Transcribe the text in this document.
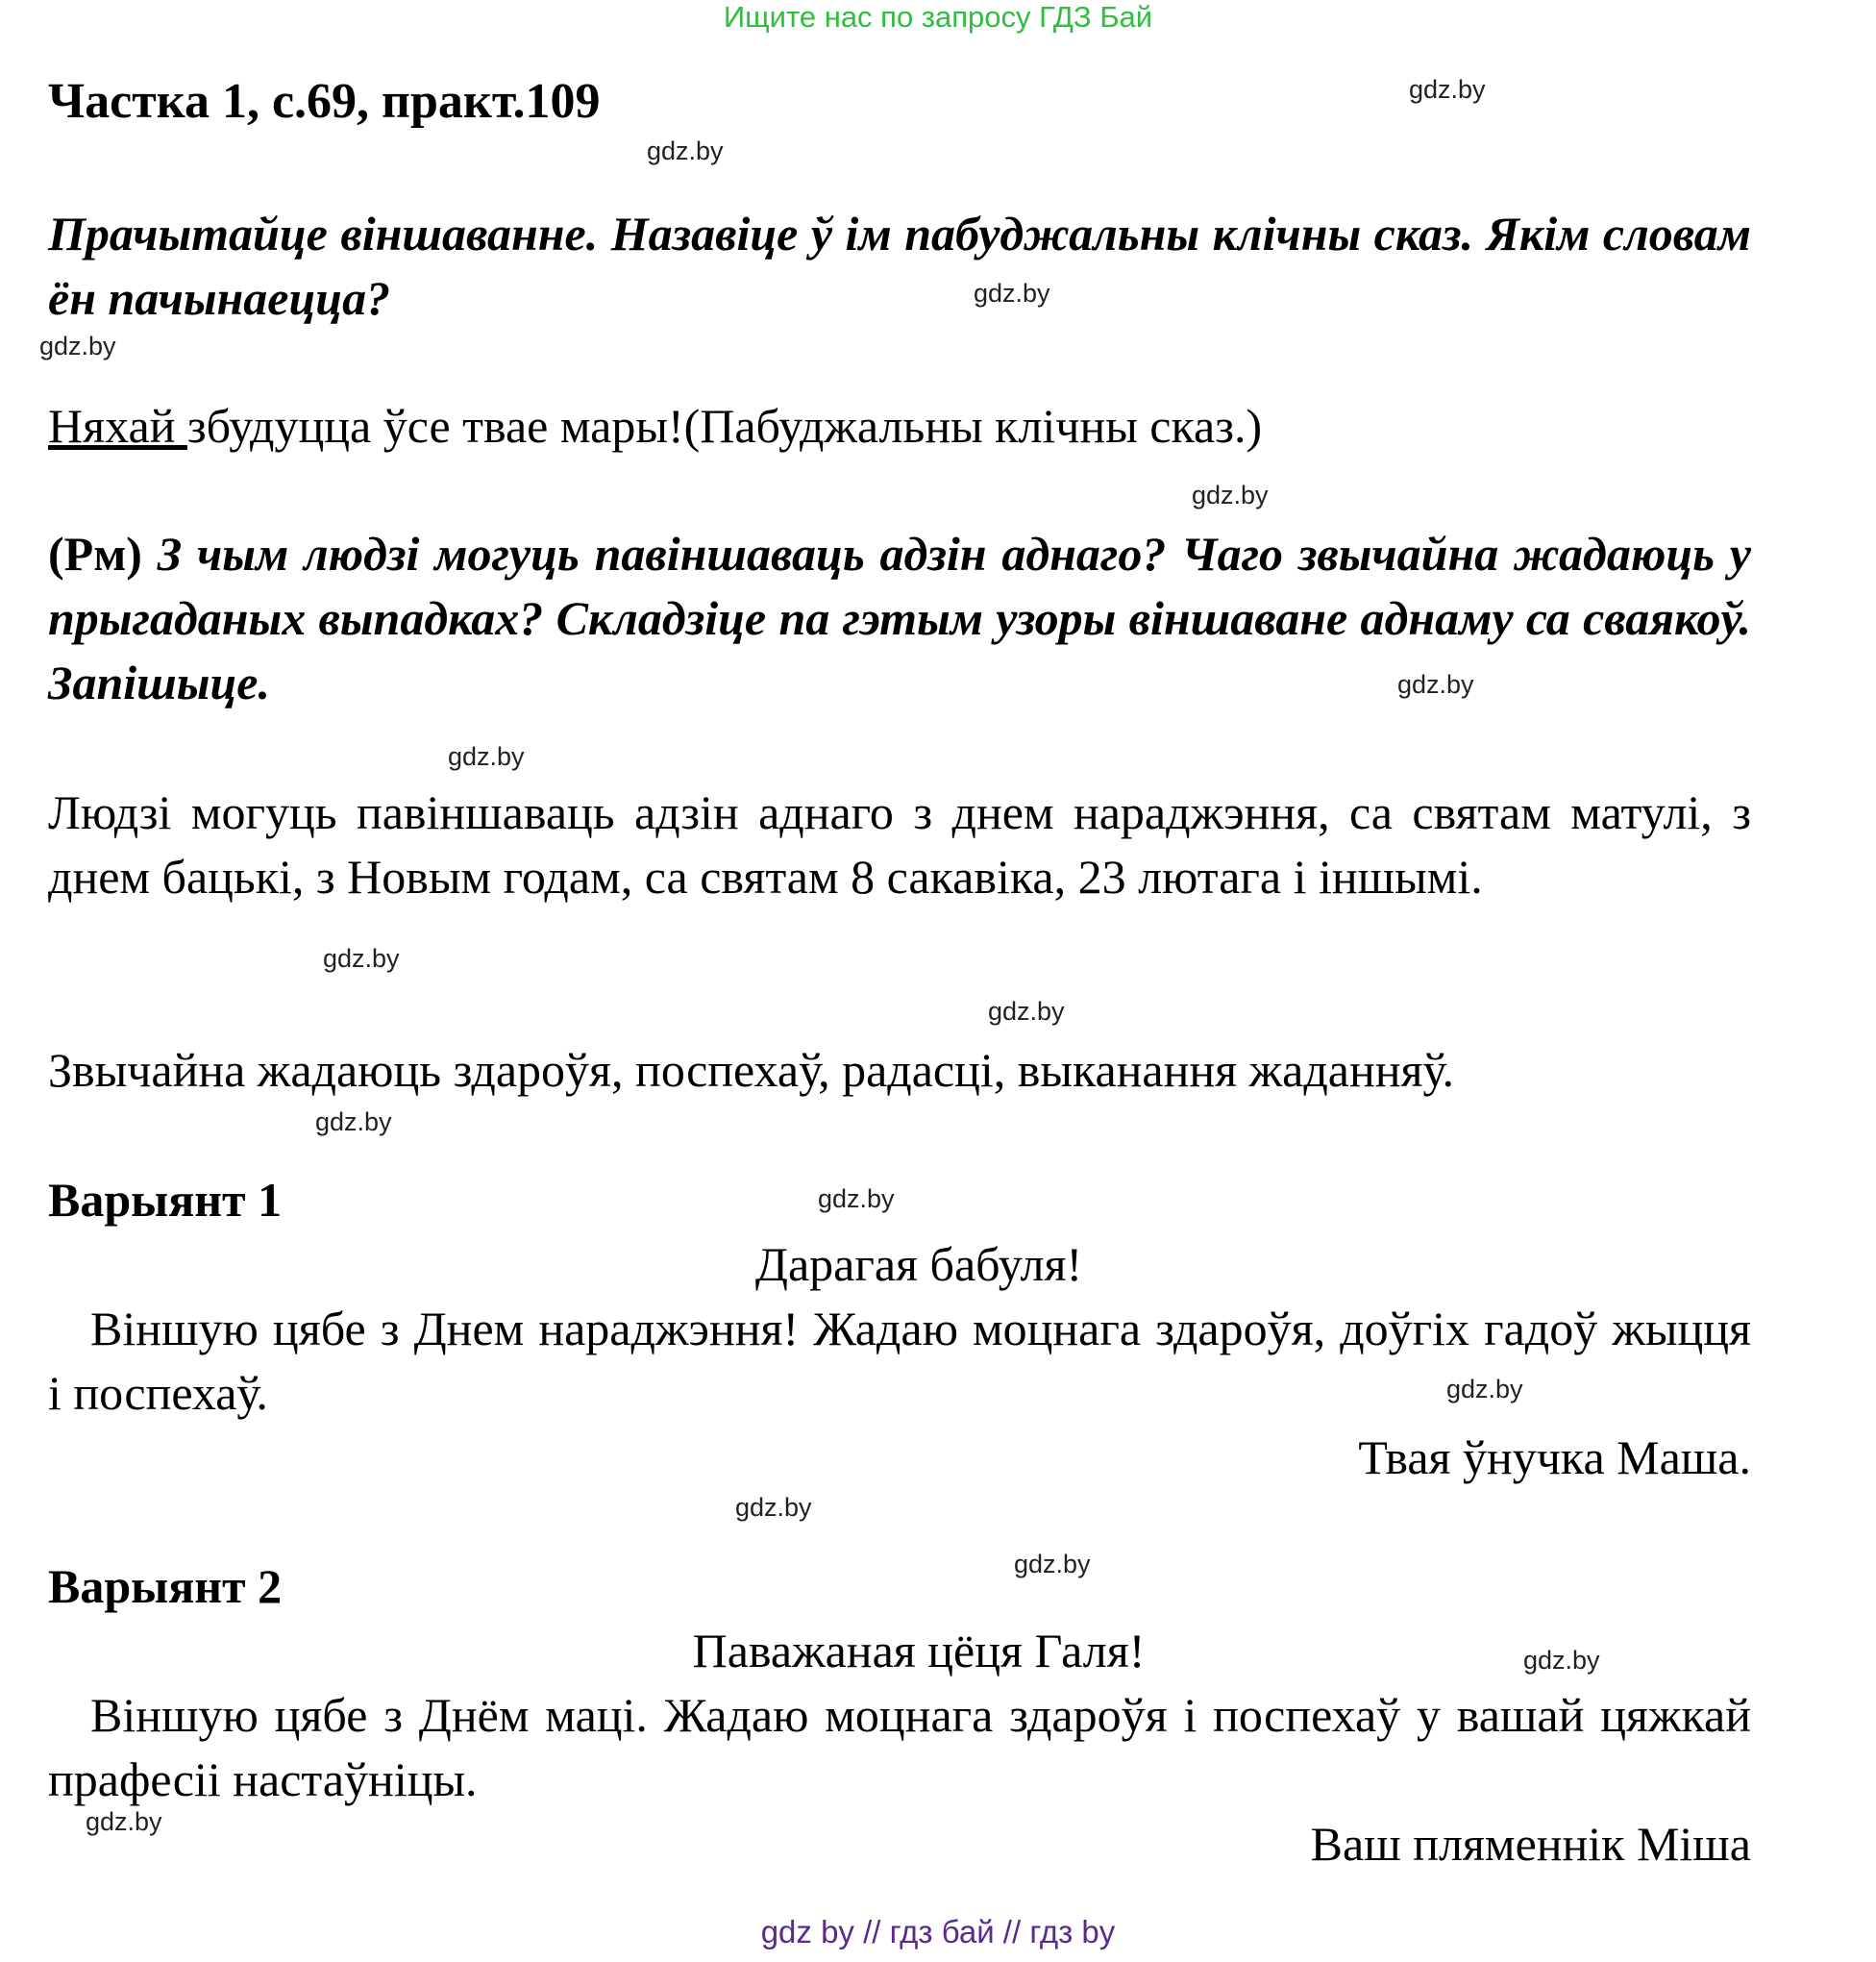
Ищите нас по запросу ГДЗ Бай
Частка 1, с.69, практ.109
Прачытайце віншаванне. Назавіце ў ім пабуджальны клічны сказ. Якім словам ён пачынаецца?
Няхай збудуцца ўсе твае мары!(Пабуджальны клічны сказ.)
(Рм) З чым людзі могуць павіншаваць адзін аднаго? Чаго звычайна жадаюць у прыгаданых выпадках? Складзіце па гэтым узоры віншаване аднаму са сваякоў. Запішыце.
Людзі могуць павіншаваць адзін аднаго з днем нараджэння, са святам матулі, з днем бацькі, з Новым годам, са святам 8 сакавіка, 23 лютага і іншымі.
Звычайна жадаюць здароўя, поспехаў, радасці, выканання жаданняў.
Варыянт 1
Дарагая бабуля!
Віншую цябе з Днем нараджэння! Жадаю моцнага здароўя, доўгіх гадоў жыцця і поспехаў.
Твая ўнучка Маша.
Варыянт 2
Паважаная цёця Галя!
Віншую цябе з Днём маці. Жадаю моцнага здароўя і поспехаў у вашай цяжкай прафесіі настаўніцы.
Ваш пляменнік Міша
gdz.by
gdz.by
gdz.by
gdz.by
gdz.by
gdz.by
gdz.by
gdz.by
gdz.by
gdz.by
gdz.by
gdz.by
gdz.by
gdz.by
gdz.by
gdz.by
gdz by // гдз бай // гдз by
